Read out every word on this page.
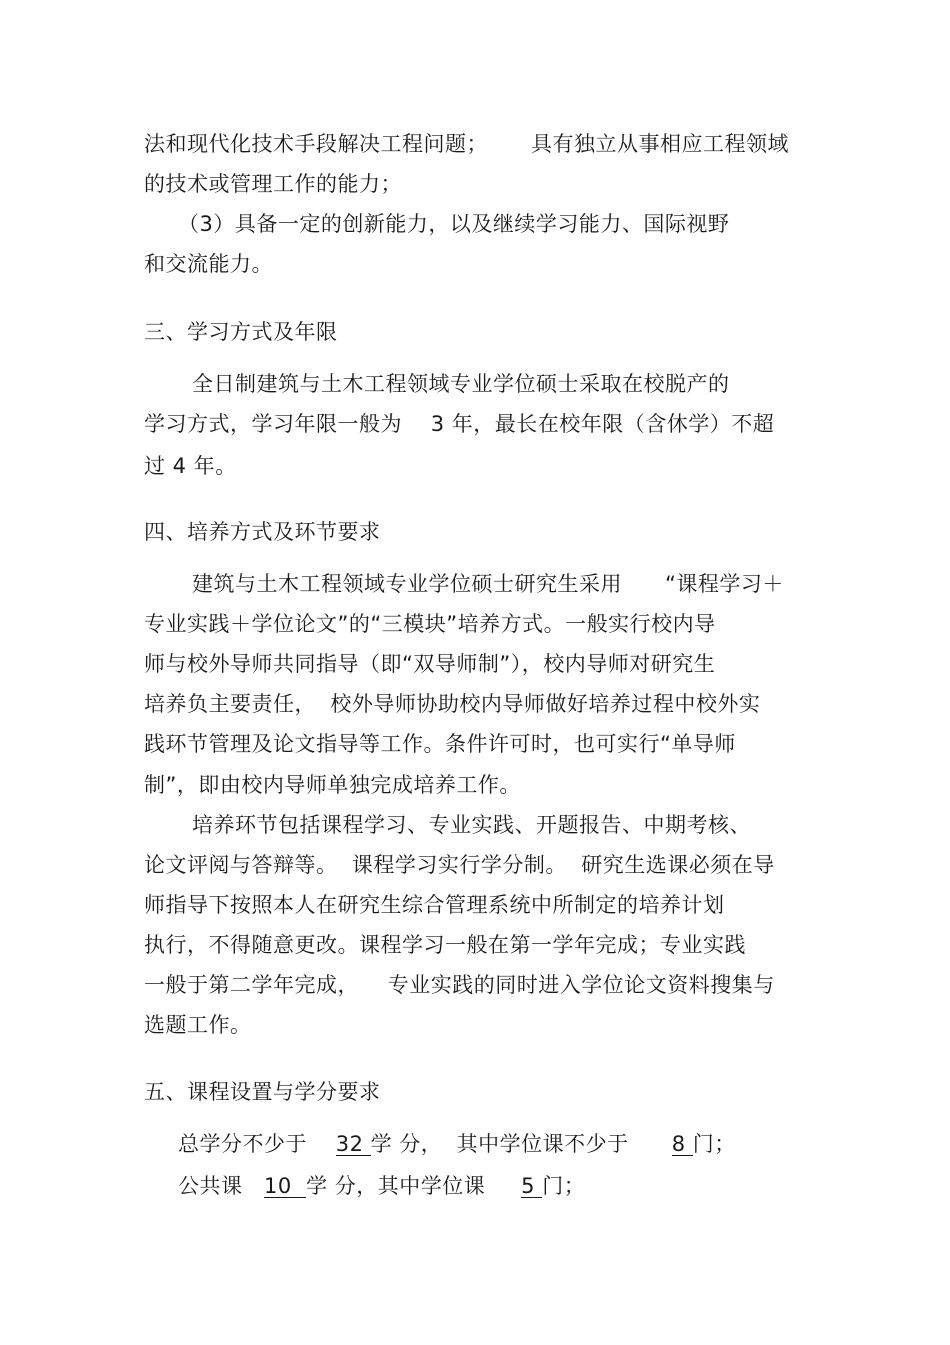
法和现代化技术手段解决工程问题；      具有独立从事相应工程领域
的技术或管理工作的能力；
（3）具备一定的创新能力，以及继续学习能力、国际视野
和交流能力。
三、学习方式及年限
全日制建筑与土木工程领域专业学位硕士采取在校脱产的
学习方式，学习年限一般为    3 年，最长在校年限（含休学）不超
过 4 年。
四、培养方式及环节要求
建筑与土木工程领域专业学位硕士研究生采用      “课程学习＋
专业实践＋学位论文”的“三模块”培养方式。一般实行校内导
师与校外导师共同指导（即“双导师制”），校内导师对研究生
培养负主要责任，  校外导师协助校内导师做好培养过程中校外实
践环节管理及论文指导等工作。条件许可时，也可实行“单导师
制”，即由校内导师单独完成培养工作。
培养环节包括课程学习、专业实践、开题报告、中期考核、
论文评阅与答辩等。  课程学习实行学分制。  研究生选课必须在导
师指导下按照本人在研究生综合管理系统中所制定的培养计划
执行，不得随意更改。课程学习一般在第一学年完成；专业实践
一般于第二学年完成，    专业实践的同时进入学位论文资料搜集与
选题工作。
五、课程设置与学分要求
总学分不少于    32 学 分，  其中学位课不少于      8 门；
公共课   10  学 分，其中学位课     5 门；
